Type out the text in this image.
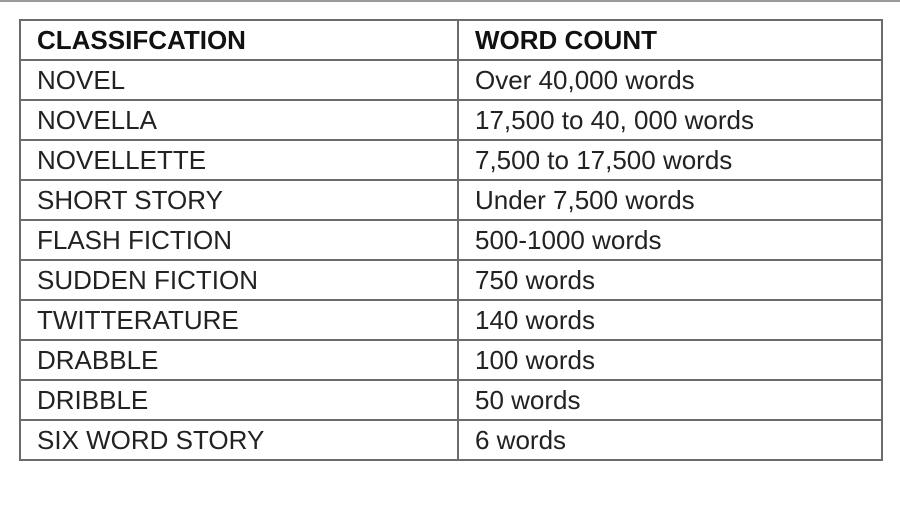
CLASSIFCATION	WORD COUNT
NOVEL	Over 40,000 words
NOVELLA	17,500 to 40, 000 words
NOVELLETTE	7,500 to 17,500 words
SHORT STORY	Under 7,500 words
FLASH FICTION	500-1000 words
SUDDEN FICTION	750 words
TWITTERATURE	140 words
DRABBLE	100 words
DRIBBLE	50 words
SIX WORD STORY	6 words
